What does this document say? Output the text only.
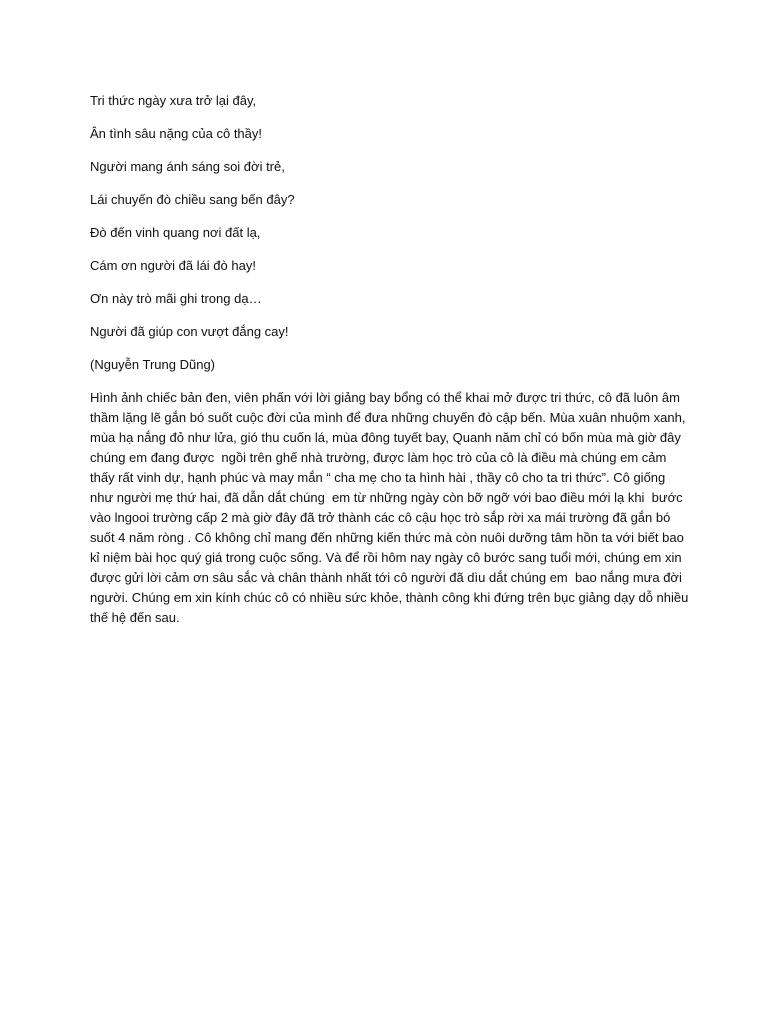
Tri thức ngày xưa trở lại đây,

Ân tình sâu nặng của cô thầy!

Người mang ánh sáng soi đời trẻ,

Lái chuyến đò chiều sang bến đây?

Đò đến vinh quang nơi đất lạ,

Cám ơn người đã lái đò hay!

Ơn này trò mãi ghi trong dạ…

Người đã giúp con vượt đắng cay!

(Nguyễn Trung Dũng)

Hình ảnh chiếc bản đen, viên phấn với lời giảng bay bổng có thể khai mở được tri thức, cô đã luôn âm thầm lặng lẽ gắn bó suốt cuộc đời của mình để đưa những chuyến đò cập bến. Mùa xuân nhuộm xanh, mùa hạ nắng đỏ như lửa, gió thu cuốn lá, mùa đông tuyết bay, Quanh năm chỉ có bốn mùa mà giờ đây chúng em đang được  ngồi trên ghế nhà trường, được làm học trò của cô là điều mà chúng em cảm thấy rất vinh dự, hạnh phúc và may mắn “ cha mẹ cho ta hình hài , thầy cô cho ta tri thức”. Cô giống như người mẹ thứ hai, đã dẫn dắt chúng  em từ những ngày còn bỡ ngỡ với bao điều mới lạ khi  bước vào lngooi trường cấp 2 mà giờ đây đã trở thành các cô cậu học trò sắp rời xa mái trường đã gắn bó suốt 4 năm ròng . Cô không chỉ mang đến những kiến thức mà còn nuôi dưỡng tâm hồn ta với biết bao kỉ niệm bài học quý giá trong cuộc sống. Và để rồi hôm nay ngày cô bước sang tuổi mới, chúng em xin được gửi lời cảm ơn sâu sắc và chân thành nhất tới cô người đã dìu dắt chúng em  bao nắng mưa đời người. Chúng em xin kính chúc cô có nhiều sức khỏe, thành công khi đứng trên bục giảng dạy dỗ nhiều thế hệ đến sau.
